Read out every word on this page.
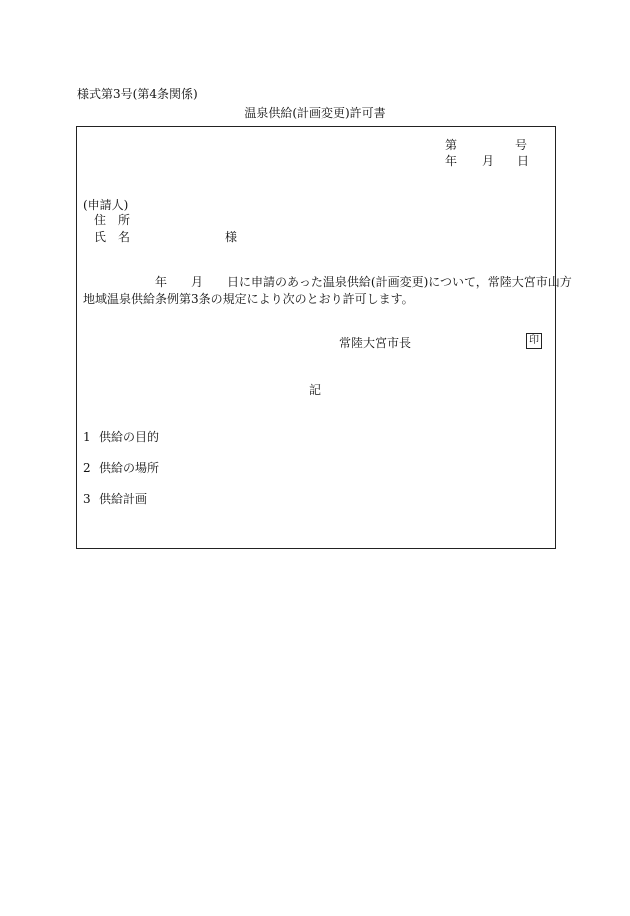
様式第3号(第4条関係)
温泉供給(計画変更)許可書
第	号
年 月 日
(申請人)
住　所
氏　名	様
　　　　　　年　　月　　日に申請のあった温泉供給(計画変更)について，常陸大宮市山方
地域温泉供給条例第3条の規定により次のとおり許可します。
常陸大宮市長	印
記
1 供給の目的
2 供給の場所
3 供給計画
